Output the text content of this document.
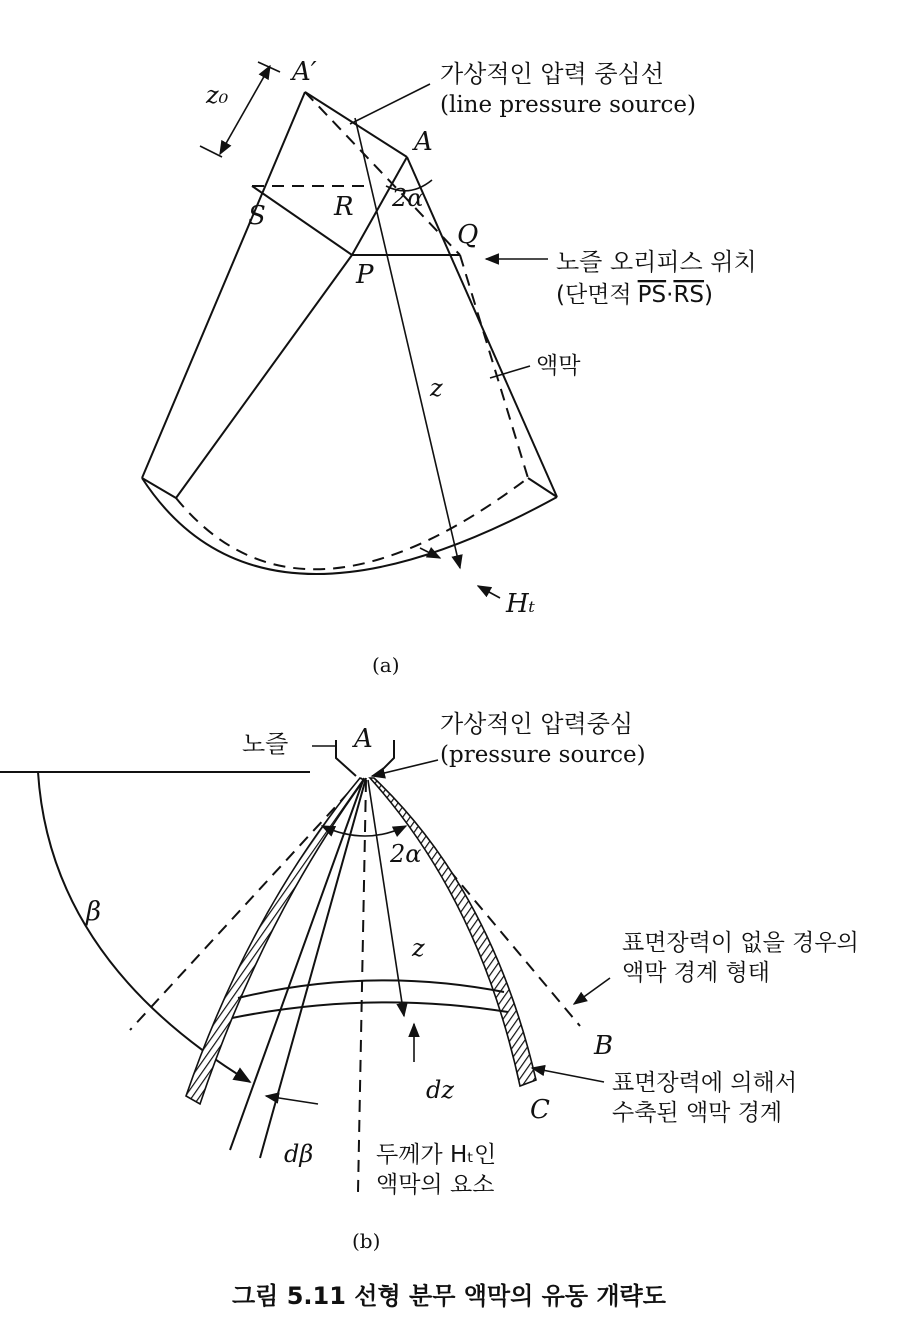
z₀
A′
A
S	R 2α
Q
P
z
Hₜ
가상적인 압력 중심선
(line pressure source)
노즐 오리피스 위치
(단면적 PS·RS)
액막
(a)
A
2α
z
β
B
C
dz
dβ
노즐
가상적인 압력중심
(pressure source)
표면장력이 없을 경우의
액막 경계 형태
표면장력에 의해서
수축된 액막 경계
두께가 Hₜ인
액막의 요소
(b)
그림 5.11 선형 분무 액막의 유동 개략도
